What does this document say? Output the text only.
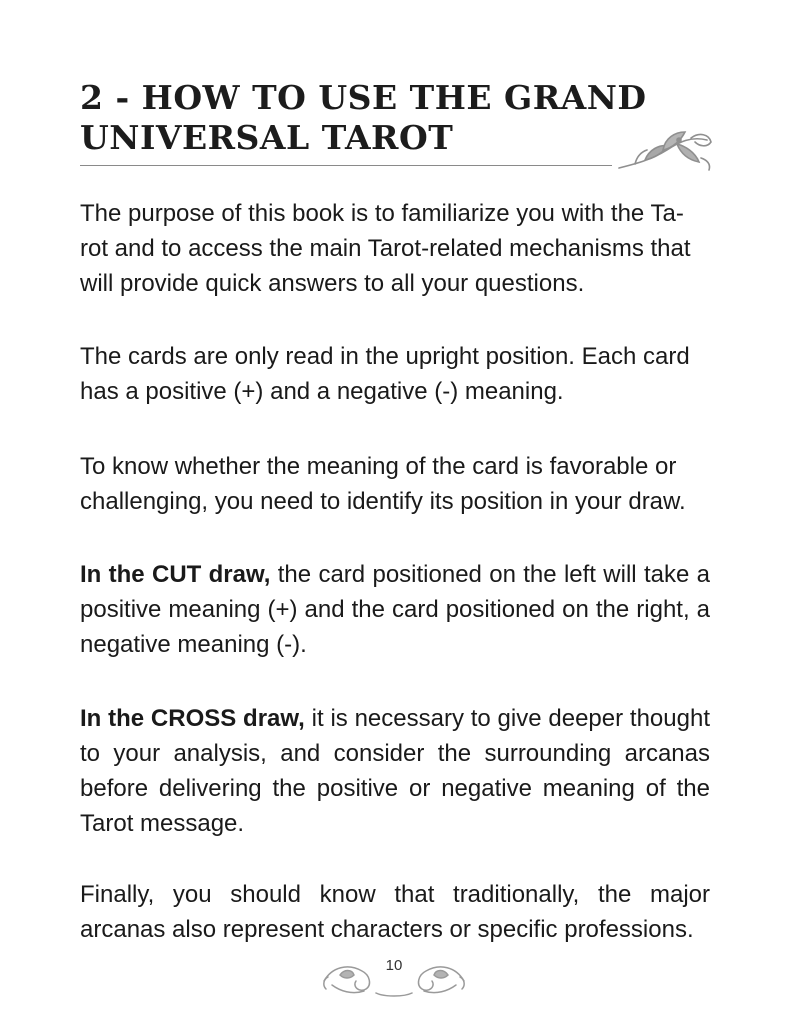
2 - HOW TO USE THE GRAND
UNIVERSAL TAROT

The purpose of this book is to familiarize you with the Ta-
rot and to access the main Tarot-related mechanisms that
will provide quick answers to all your questions.

The cards are only read in the upright position. Each card
has a positive (+) and a negative (-) meaning.

To know whether the meaning of the card is favorable or
challenging, you need to identify its position in your draw.

In the CUT draw, the card positioned on the left will take a positive meaning (+) and the card positioned on the right, a negative meaning (-).

In the CROSS draw, it is necessary to give deeper thought to your analysis, and consider the surrounding arcanas before delivering the positive or negative meaning of the Tarot message.

Finally, you should know that traditionally, the major arcanas also represent characters or specific professions.

10
